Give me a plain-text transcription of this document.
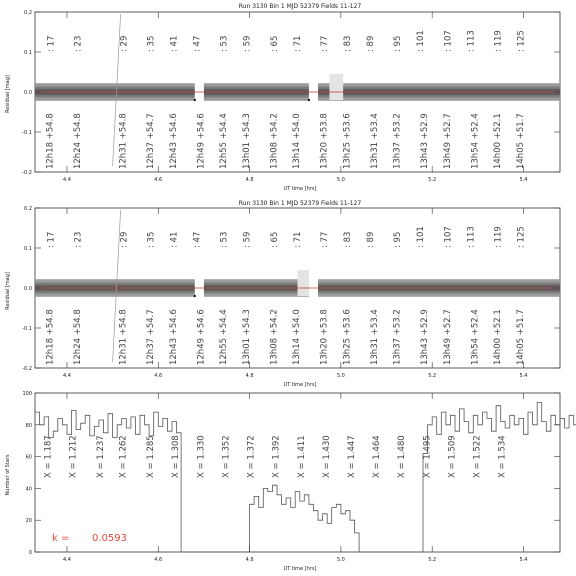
Run 3130 Bin 1 MJD 52379 Fields 11-127
UT time [hrs]
Residual [mag]
: 17 : 23	: 29 : 35 : 41 : 47 : 53 : 59 : 65 : 71 : 77 : 83 : 89 : 95 : 101 : 107 : 113 : 119 : 125
12h18 +54.8 12h24 +54.8	12h31 +54.8 12h37 +54.7 12h43 +54.6 12h49 +54.6 12h55 +54.4 13h01 +54.3 13h08 +54.2 13h14 +54.0 13h20 +53.8 13h25 +53.6 13h31 +53.4 13h37 +53.2 13h43 +52.9 13h49 +52.7 13h54 +52.4 14h00 +52.1 14h05 +51.7
4.4	4.6	4.8	5.0	5.2	5.4
-0.2
-0.1
0.0
0.1
0.2
Run 3130 Bin 1 MJD 52379 Fields 11-127
UT time [hrs]
Residual [mag]
: 17 : 23	: 29 : 35 : 41 : 47 : 53 : 59 : 65 : 71 : 77 : 83 : 89 : 95 : 101 : 107 : 113 : 119 : 125
12h18 +54.8 12h24 +54.8	12h31 +54.8 12h37 +54.7 12h43 +54.6 12h49 +54.6 12h55 +54.4 13h01 +54.3 13h08 +54.2 13h14 +54.0 13h20 +53.8 13h25 +53.6 13h31 +53.4 13h37 +53.2 13h43 +52.9 13h49 +52.7 13h54 +52.4 14h00 +52.1 14h05 +51.7
4.4	4.6	4.8	5.0	5.2	5.4
-0.2
-0.1
0.0
0.1
0.2
UT time [hrs]
Number of Stars
k = 0.0593
X = 1.187 X = 1.212 X = 1.237 X = 1.262 X = 1.285 X = 1.308 X = 1.330 X = 1.352 X = 1.372 X = 1.392 X = 1.411 X = 1.430 X = 1.447 X = 1.464 X = 1.480 X = 1.495 X = 1.509 X = 1.522 X = 1.534
4.4	4.6	4.8	5.0	5.2	5.4
0
20
40
60
80
100
